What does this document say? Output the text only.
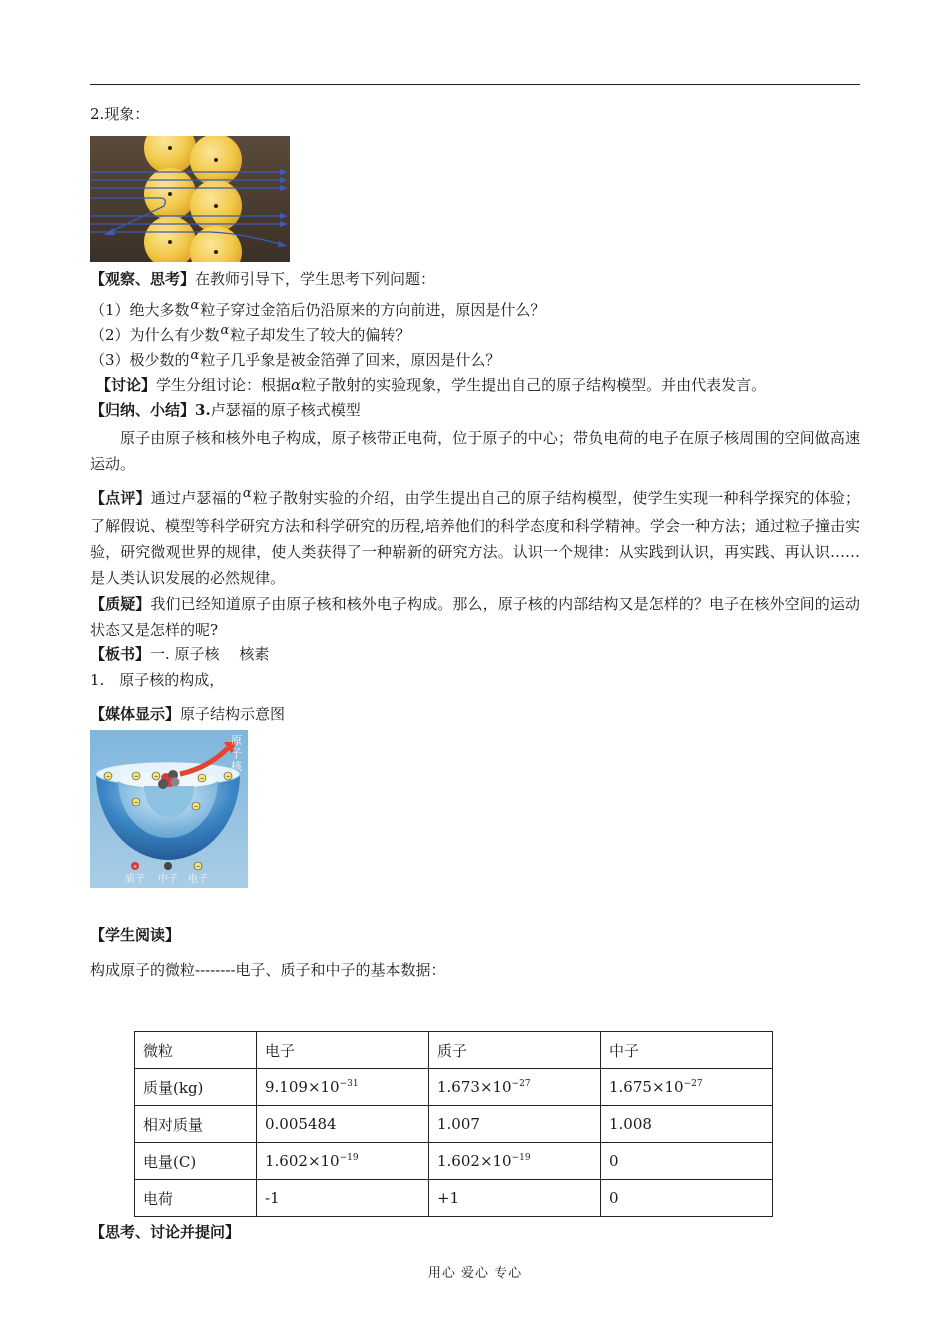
2.现象：
【观察、思考】在教师引导下，学生思考下列问题：
（1）绝大多数α粒子穿过金箔后仍沿原来的方向前进，原因是什么？
（2）为什么有少数α粒子却发生了较大的偏转？
（3）极少数的α粒子几乎象是被金箔弹了回来，原因是什么？
【讨论】学生分组讨论：根据α粒子散射的实验现象，学生提出自己的原子结构模型。并由代表发言。
【归纳、小结】3.卢瑟福的原子核式模型
原子由原子核和核外电子构成，原子核带正电荷，位于原子的中心；带负电荷的电子在原子核周围的空间做高速运动。
【点评】通过卢瑟福的α粒子散射实验的介绍，由学生提出自己的原子结构模型，使学生实现一种科学探究的体验；了解假说、模型等科学研究方法和科学研究的历程,培养他们的科学态度和科学精神。学会一种方法；通过粒子撞击实验，研究微观世界的规律，使人类获得了一种崭新的研究方法。认识一个规律：从实践到认识，再实践、再认识……是人类认识发展的必然规律。
【质疑】我们已经知道原子由原子核和核外电子构成。那么，原子核的内部结构又是怎样的？电子在核外空间的运动状态又是怎样的呢?
【板书】一. 原子核　 核素
1.　原子核的构成，
【媒体显示】原子结构示意图
原
子
核
−	− −	−	−
−
−
+	−
质子 中子 电子
【学生阅读】
构成原子的微粒--------电子、质子和中子的基本数据：
微粒	电子	质子	中子
质量(kg)	$9.109\times 10^{-31}$	$1.673\times 10^{-27}$	$1.675\times 10^{-27}$
相对质量	0.005484	1.007	1.008
电量(C)	$1.602\times 10^{-19}$	$1.602\times 10^{-19}$	0
电荷	-1	+1	0
【思考、讨论并提问】
用心 爱心 专心
